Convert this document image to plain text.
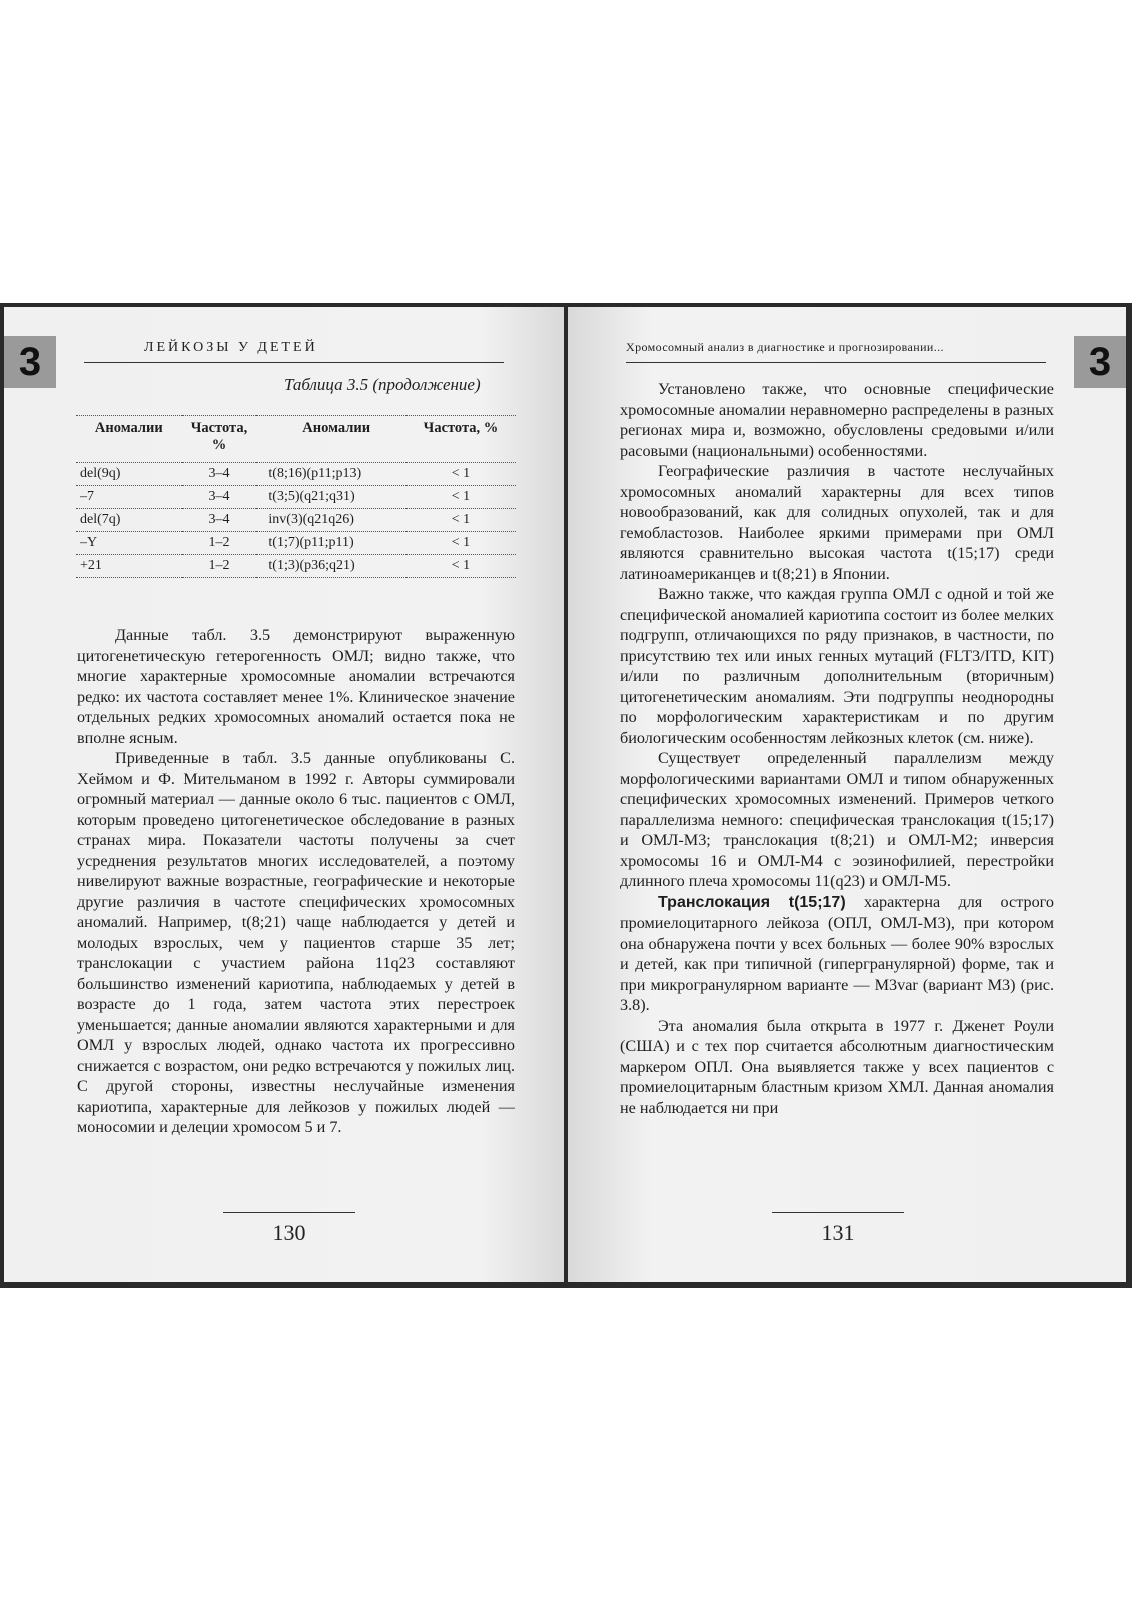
3	ЛЕЙКОЗЫ У ДЕТЕЙ
Таблица 3.5 (продолжение)
Аномалии	Частота, %	Аномалии	Частота, %
del(9q)	3–4	t(8;16)(p11;p13)	< 1
–7	3–4	t(3;5)(q21;q31)	< 1
del(7q)	3–4	inv(3)(q21q26)	< 1
–Y	1–2	t(1;7)(p11;p11)	< 1
+21	1–2	t(1;3)(p36;q21)	< 1

Данные табл. 3.5 демонстрируют выраженную цитогенетическую гетерогенность ОМЛ; видно также, что многие характерные хромосомные аномалии встречаются редко: их частота составляет менее 1%. Клиническое значение отдельных редких хромосомных аномалий остается пока не вполне ясным.

Приведенные в табл. 3.5 данные опубликованы С. Хеймом и Ф. Мительманом в 1992 г. Авторы суммировали огромный материал — данные около 6 тыс. пациентов с ОМЛ, которым проведено цитогенетическое обследование в разных странах мира. Показатели частоты получены за счет усреднения результатов многих исследователей, а поэтому нивелируют важные возрастные, географические и некоторые другие различия в частоте специфических хромосомных аномалий. Например, t(8;21) чаще наблюдается у детей и молодых взрослых, чем у пациентов старше 35 лет; транслокации с участием района 11q23 составляют большинство изменений кариотипа, наблюдаемых у детей в возрасте до 1 года, затем частота этих перестроек уменьшается; данные аномалии являются характерными и для ОМЛ у взрослых людей, однако частота их прогрессивно снижается с возрастом, они редко встречаются у пожилых лиц. С другой стороны, известны неслучайные изменения кариотипа, характерные для лейкозов у пожилых людей — моносомии и делеции хромосом 5 и 7.

130
3
Хромосомный анализ в диагностике и прогнозировании...

Установлено также, что основные специфические хромосомные аномалии неравномерно распределены в разных регионах мира и, возможно, обусловлены средовыми и/или расовыми (национальными) особенностями.

Географические различия в частоте неслучайных хромосомных аномалий характерны для всех типов новообразований, как для солидных опухолей, так и для гемобластозов. Наиболее яркими примерами при ОМЛ являются сравнительно высокая частота t(15;17) среди латиноамериканцев и t(8;21) в Японии.

Важно также, что каждая группа ОМЛ с одной и той же специфической аномалией кариотипа состоит из более мелких подгрупп, отличающихся по ряду признаков, в частности, по присутствию тех или иных генных мутаций (FLT3/ITD, KIT) и/или по различным дополнительным (вторичным) цитогенетическим аномалиям. Эти подгруппы неоднородны по морфологическим характеристикам и по другим биологическим особенностям лейкозных клеток (см. ниже).

Существует определенный параллелизм между морфологическими вариантами ОМЛ и типом обнаруженных специфических хромосомных изменений. Примеров четкого параллелизма немного: специфическая транслокация t(15;17) и ОМЛ-М3; транслокация t(8;21) и ОМЛ-М2; инверсия хромосомы 16 и ОМЛ-М4 с эозинофилией, перестройки длинного плеча хромосомы 11(q23) и ОМЛ-М5.

Транслокация t(15;17) характерна для острого промиелоцитарного лейкоза (ОПЛ, ОМЛ-М3), при котором она обнаружена почти у всех больных — более 90% взрослых и детей, как при типичной (гипергранулярной) форме, так и при микрогранулярном варианте — M3var (вариант М3) (рис. 3.8).

Эта аномалия была открыта в 1977 г. Дженет Роули (США) и с тех пор считается абсолютным диагностическим маркером ОПЛ. Она выявляется также у всех пациентов с промиелоцитарным бластным кризом ХМЛ. Данная аномалия не наблюдается ни при

131
